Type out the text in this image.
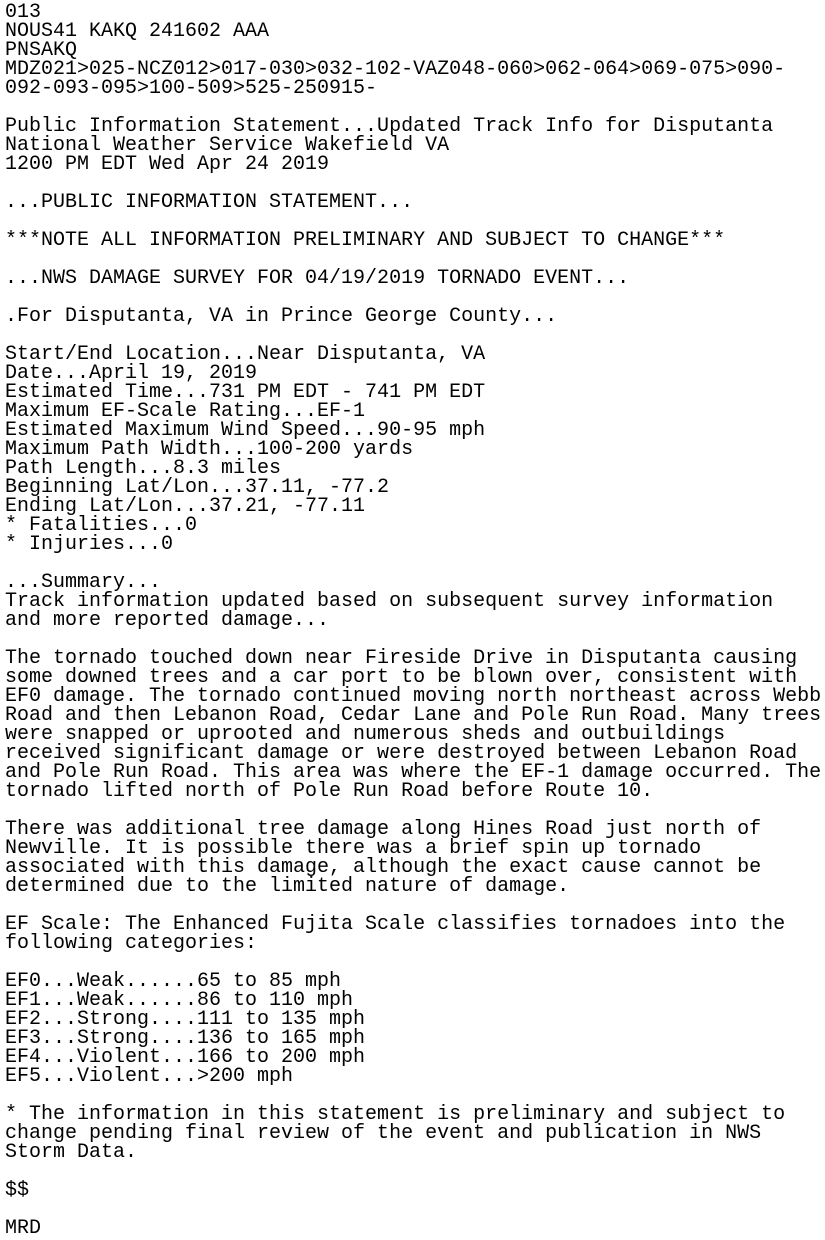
013
NOUS41 KAKQ 241602 AAA
PNSAKQ
MDZ021>025-NCZ012>017-030>032-102-VAZ048-060>062-064>069-075>090-
092-093-095>100-509>525-250915-
Public Information Statement...Updated Track Info for Disputanta
National Weather Service Wakefield VA
1200 PM EDT Wed Apr 24 2019
...PUBLIC INFORMATION STATEMENT...
***NOTE ALL INFORMATION PRELIMINARY AND SUBJECT TO CHANGE***
...NWS DAMAGE SURVEY FOR 04/19/2019 TORNADO EVENT...
.For Disputanta, VA in Prince George County...
Start/End Location...Near Disputanta, VA
Date...April 19, 2019
Estimated Time...731 PM EDT - 741 PM EDT
Maximum EF-Scale Rating...EF-1
Estimated Maximum Wind Speed...90-95 mph
Maximum Path Width...100-200 yards
Path Length...8.3 miles
Beginning Lat/Lon...37.11, -77.2
Ending Lat/Lon...37.21, -77.11
* Fatalities...0
* Injuries...0
...Summary...
Track information updated based on subsequent survey information
and more reported damage...
The tornado touched down near Fireside Drive in Disputanta causing
some downed trees and a car port to be blown over, consistent with
EF0 damage. The tornado continued moving north northeast across Webb
Road and then Lebanon Road, Cedar Lane and Pole Run Road. Many trees
were snapped or uprooted and numerous sheds and outbuildings
received significant damage or were destroyed between Lebanon Road
and Pole Run Road. This area was where the EF-1 damage occurred. The
tornado lifted north of Pole Run Road before Route 10.
There was additional tree damage along Hines Road just north of
Newville. It is possible there was a brief spin up tornado
associated with this damage, although the exact cause cannot be
determined due to the limited nature of damage.
EF Scale: The Enhanced Fujita Scale classifies tornadoes into the
following categories:
EF0...Weak......65 to 85 mph
EF1...Weak......86 to 110 mph
EF2...Strong....111 to 135 mph
EF3...Strong....136 to 165 mph
EF4...Violent...166 to 200 mph
EF5...Violent...>200 mph
* The information in this statement is preliminary and subject to
change pending final review of the event and publication in NWS
Storm Data.
$$
MRD
